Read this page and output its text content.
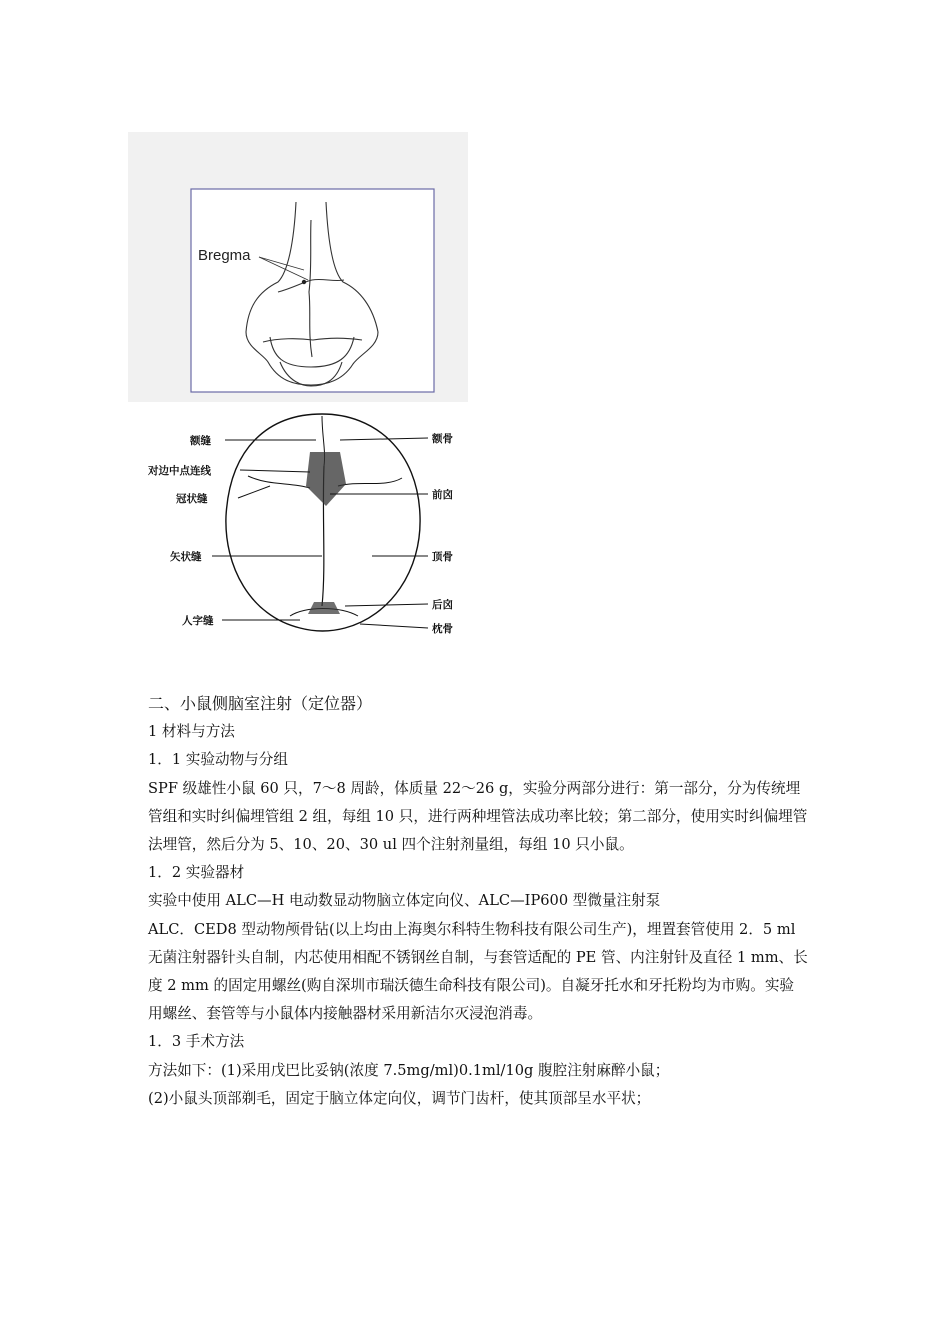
Bregma
额缝
对边中点连线
冠状缝
矢状缝
人字缝
额骨
前囟
顶骨
后囟
枕骨

二、小鼠侧脑室注射（定位器）

1 材料与方法

1．1 实验动物与分组

SPF 级雄性小鼠 60 只，7～8 周龄，体质量 22～26 g，实验分两部分进行：第一部分，分为传统埋管组和实时纠偏埋管组 2 组，每组 10 只，进行两种埋管法成功率比较；第二部分，使用实时纠偏埋管法埋管，然后分为 5、10、20、30 ul 四个注射剂量组，每组 10 只小鼠。

1．2 实验器材

实验中使用 ALC—H 电动数显动物脑立体定向仪、ALC—IP600 型微量注射泵

ALC．CED8 型动物颅骨钻(以上均由上海奥尔科特生物科技有限公司生产)，埋置套管使用 2．5 ml 无菌注射器针头自制，内芯使用相配不锈钢丝自制，与套管适配的 PE 管、内注射针及直径 1 mm、长度 2 mm 的固定用螺丝(购自深圳市瑞沃德生命科技有限公司)。自凝牙托水和牙托粉均为市购。实验用螺丝、套管等与小鼠体内接触器材采用新洁尔灭浸泡消毒。

1．3 手术方法

方法如下：(1)采用戊巴比妥钠(浓度 7.5mg/ml)0.1ml/10g 腹腔注射麻醉小鼠；

(2)小鼠头顶部剃毛，固定于脑立体定向仪，调节门齿杆，使其顶部呈水平状；
